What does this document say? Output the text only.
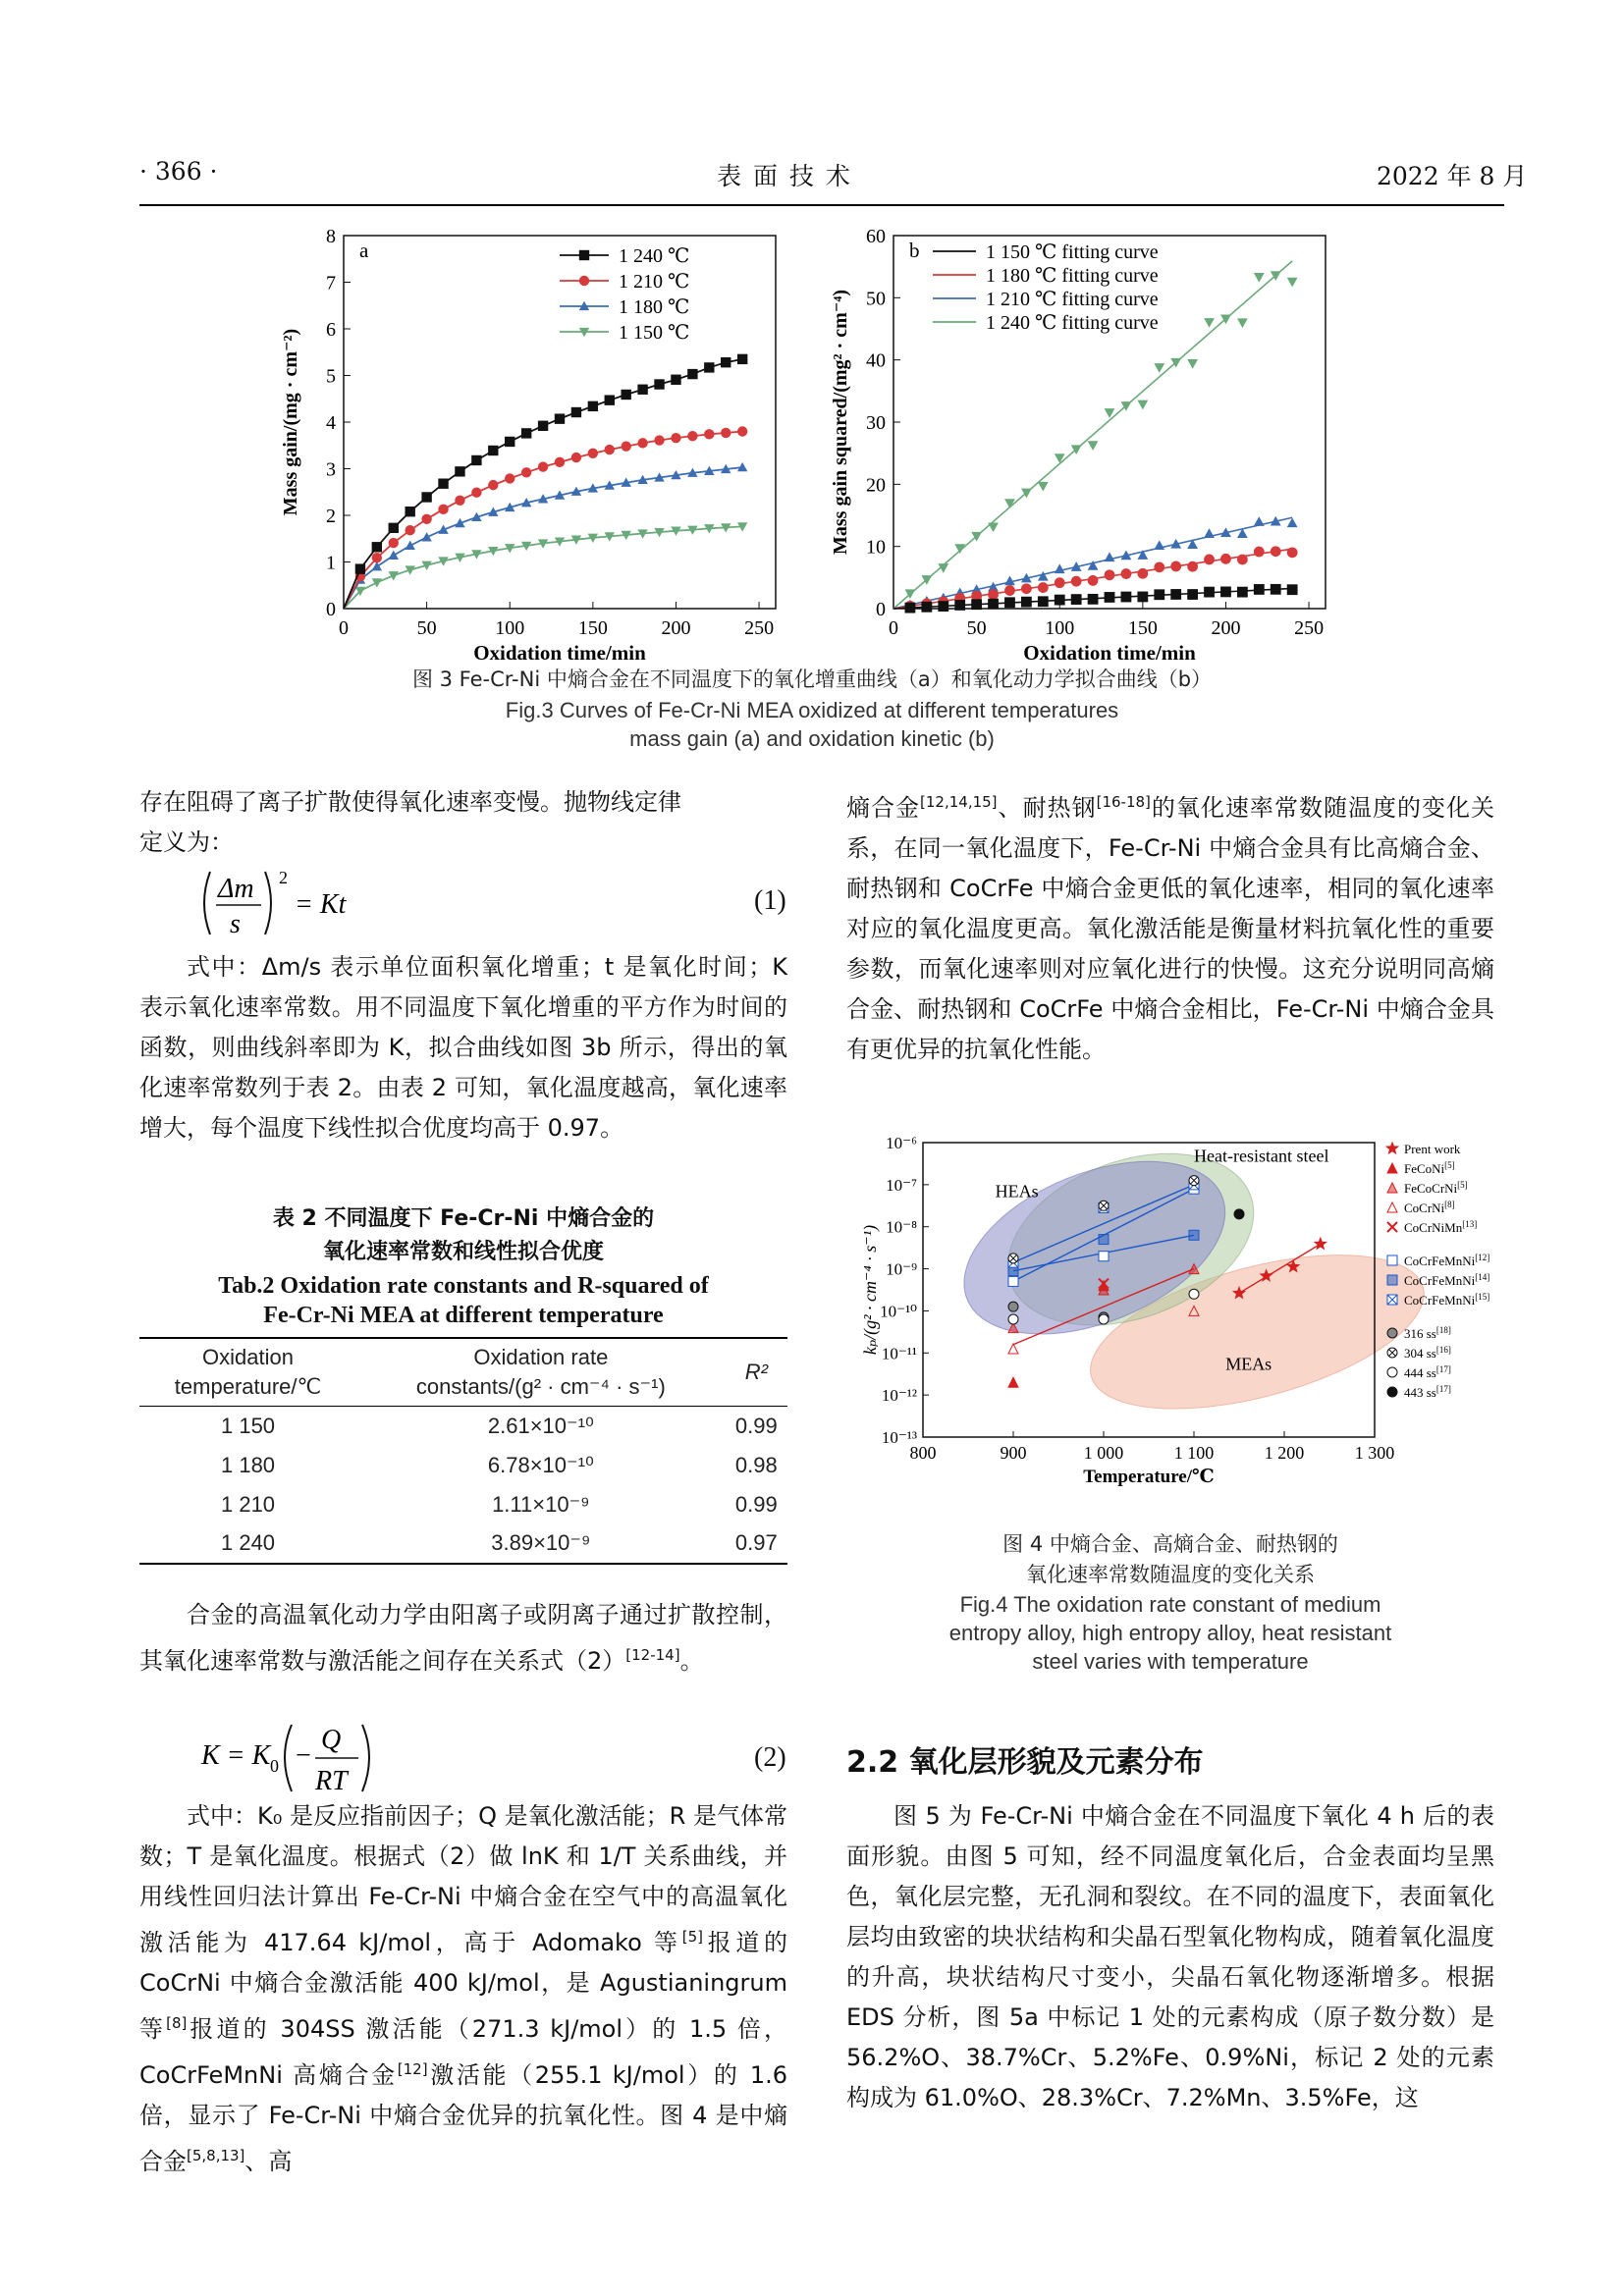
· 366 ·	表 面 技 术	2022 年 8 月
0	50	100	150	200	250
0
1
2
3
4
5
6
7
8
Oxidation time/min
Mass gain/(mg · cm⁻²)
a	1 240 ℃
1 210 ℃
1 180 ℃
1 150 ℃
0	50	100	150	200	250
0
10
20
30
40
50
60
Oxidation time/min
Mass gain squared/(mg² · cm⁻⁴)
b	1 150 ℃ fitting curve
1 180 ℃ fitting curve
1 210 ℃ fitting curve
1 240 ℃ fitting curve
图 3 Fe-Cr-Ni 中熵合金在不同温度下的氧化增重曲线（a）和氧化动力学拟合曲线（b）
Fig.3 Curves of Fe-Cr-Ni MEA oxidized at different temperatures
mass gain (a) and oxidation kinetic (b)

存在阻碍了离子扩散使得氧化速率变慢。抛物线定律

定义为：

Δm
s
2
= Kt	(1)

式中：Δm/s 表示单位面积氧化增重；t 是氧化时间；K 表示氧化速率常数。用不同温度下氧化增重的平方作为时间的函数，则曲线斜率即为 K，拟合曲线如图 3b 所示，得出的氧化速率常数列于表 2。由表 2 可知，氧化温度越高，氧化速率增大，每个温度下线性拟合优度均高于 0.97。

表 2 不同温度下 Fe-Cr-Ni 中熵合金的
氧化速率常数和线性拟合优度
Tab.2 Oxidation rate constants and R-squared of
Fe-Cr-Ni MEA at different temperature
Oxidation
temperature/℃	Oxidation rate
constants/(g² · cm⁻⁴ · s⁻¹)	R²
1 150	2.61×10⁻¹⁰	0.99
1 180	6.78×10⁻¹⁰	0.98
1 210	1.11×10⁻⁹	0.99
1 240	3.89×10⁻⁹	0.97

合金的高温氧化动力学由阳离子或阴离子通过扩散控制，其氧化速率常数与激活能之间存在关系式（2）[12-14]。

K = K 0 −
Q
RT
(2)

式中：K₀ 是反应指前因子；Q 是氧化激活能；R 是气体常数；T 是氧化温度。根据式（2）做 lnK 和 1/T 关系曲线，并用线性回归法计算出 Fe-Cr-Ni 中熵合金在空气中的高温氧化激活能为 417.64 kJ/mol，高于 Adomako 等[5]报道的 CoCrNi 中熵合金激活能 400 kJ/mol，是 Agustianingrum 等[8]报道的 304SS 激活能（271.3 kJ/mol）的 1.5 倍，CoCrFeMnNi 高熵合金[12]激活能（255.1 kJ/mol）的 1.6 倍，显示了 Fe-Cr-Ni 中熵合金优异的抗氧化性。图 4 是中熵合金[5,8,13]、高

熵合金[12,14,15]、耐热钢[16-18]的氧化速率常数随温度的变化关系，在同一氧化温度下，Fe-Cr-Ni 中熵合金具有比高熵合金、耐热钢和 CoCrFe 中熵合金更低的氧化速率，相同的氧化速率对应的氧化温度更高。氧化激活能是衡量材料抗氧化性的重要参数，而氧化速率则对应氧化进行的快慢。这充分说明同高熵合金、耐热钢和 CoCrFe 中熵合金相比，Fe-Cr-Ni 中熵合金具有更优异的抗氧化性能。

800	900	1 000	1 100	1 200	1 300
10⁻¹³
10⁻¹²
10⁻¹¹
10⁻¹⁰
10⁻⁹
10⁻⁸
10⁻⁷
10⁻⁶
Temperature/℃
kₚ/(g² · cm⁻⁴ · s⁻¹)
HEAs
Heat-resistant steel
MEAs
Prent work
FeCoNi[5]
FeCoCrNi[5]
CoCrNi[8]
CoCrNiMn[13]
CoCrFeMnNi[12]
CoCrFeMnNi[14]
CoCrFeMnNi[15]
316 ss[18]
304 ss[16]
444 ss[17]
443 ss[17]
图 4 中熵合金、高熵合金、耐热钢的
氧化速率常数随温度的变化关系
Fig.4 The oxidation rate constant of medium
entropy alloy, high entropy alloy, heat resistant
steel varies with temperature
2.2 氧化层形貌及元素分布

图 5 为 Fe-Cr-Ni 中熵合金在不同温度下氧化 4 h 后的表面形貌。由图 5 可知，经不同温度氧化后，合金表面均呈黑色，氧化层完整，无孔洞和裂纹。在不同的温度下，表面氧化层均由致密的块状结构和尖晶石型氧化物构成，随着氧化温度的升高，块状结构尺寸变小，尖晶石氧化物逐渐增多。根据 EDS 分析，图 5a 中标记 1 处的元素构成（原子数分数）是 56.2%O、38.7%Cr、5.2%Fe、0.9%Ni，标记 2 处的元素构成为 61.0%O、28.3%Cr、7.2%Mn、3.5%Fe，这
